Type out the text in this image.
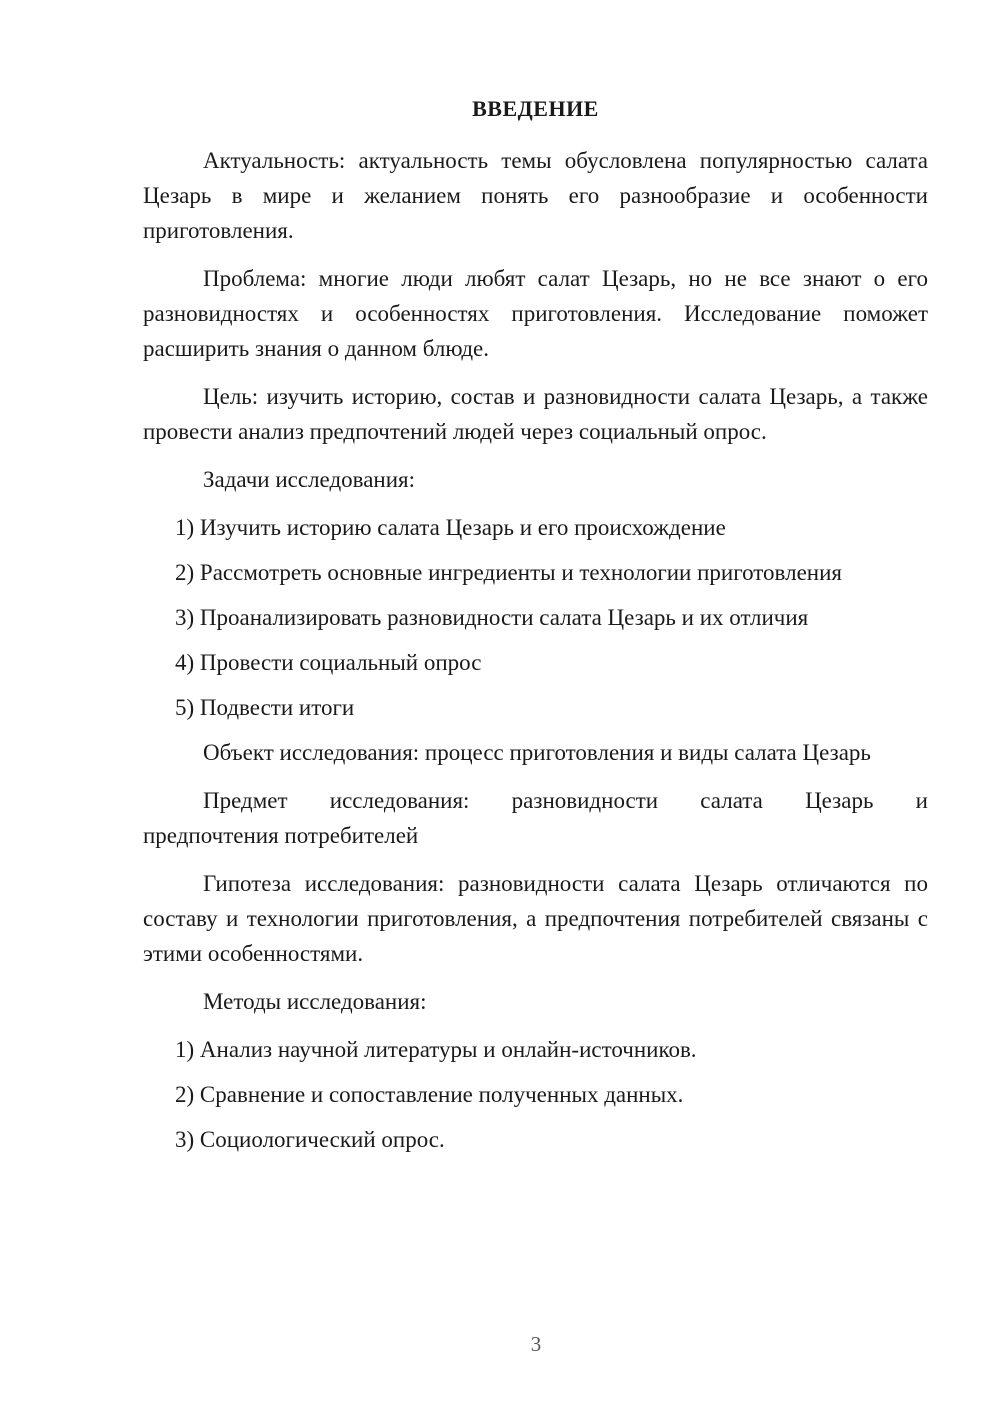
ВВЕДЕНИЕ
Актуальность: актуальность темы обусловлена популярностью салата Цезарь в мире и желанием понять его разнообразие и особенности приготовления.
Проблема: многие люди любят салат Цезарь, но не все знают о его разновидностях и особенностях приготовления. Исследование поможет расширить знания о данном блюде.
Цель: изучить историю, состав и разновидности салата Цезарь, а также провести анализ предпочтений людей через социальный опрос.
Задачи исследования:
1) Изучить историю салата Цезарь и его происхождение
2) Рассмотреть основные ингредиенты и технологии приготовления
3) Проанализировать разновидности салата Цезарь и их отличия
4) Провести социальный опрос
5) Подвести итоги
Объект исследования: процесс приготовления и виды салата Цезарь
Предмет исследования: разновидности салата Цезарь и
предпочтения потребителей
Гипотеза исследования: разновидности салата Цезарь отличаются по составу и технологии приготовления, а предпочтения потребителей связаны с этими особенностями.
Методы исследования:
1) Анализ научной литературы и онлайн-источников.
2) Сравнение и сопоставление полученных данных.
3) Социологический опрос.
3
